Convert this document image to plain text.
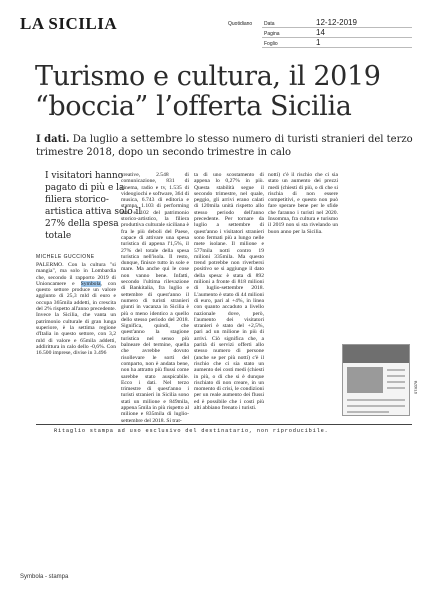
LA SICILIA	Quotidiano Data	12-12-2019
Pagina	14
Foglio	1
Turismo e cultura, il 2019
“boccia” l’offerta Sicilia
I dati. Da luglio a settembre lo stesso numero di turisti stranieri del terzo trimestre 2018, dopo un secondo trimestre in calo
I visitatori hanno pagato di più e la filiera storico-artistica attiva solo il 27% della spesa totale
MICHELE GUCCIONE
PALERMO. Con la cultura "si mangia", ma solo in Lombardia che, secondo il rapporto 2019 di Unioncamere e Symbola, con questo settore produce un valore aggiunto di 25,3 mld di euro e occupa 365mila addetti, in crescita del 2% rispetto all'anno precedente. Invece la Sicilia, che vanta un patrimonio culturale di gran lunga superiore, è la settima regione d'Italia in questo settore, con 3,2 mld di valore e 65mila addetti, addirittura in calo dello -0,6%. Con 16.500 imprese, divise in 3.496
creative, 2.548 di comunicazione, 831 di cinema, radio e tv, 1.535 di videogiochi e software, 364 di musica, 6.743 di editoria e stampa, 1.103 di performing arts e 102 del patrimonio storico-artistico, la filiera produttiva culturale siciliana è fra le più deboli del Paese, capace di attivare una spesa turistica di appena l'1,5%, il 27% del totale della spesa turistica nell'isola. Il resto, dunque, finisce tutto in sole e mare. Ma anche qui le cose non vanno bene. Infatti, secondo l'ultima rilevazione di Bankitalia, fra luglio e settembre di quest'anno il numero di turisti stranieri giunti in vacanza in Sicilia è più o meno identico a quello dello stesso periodo del 2018. Significa, quindi, che quest'anno la stagione turistica nel senso più balneare del termine, quella che avrebbe dovuto risollevare le sorti del comparto, non è andata bene, non ha attratto più flussi come sarebbe stato auspicabile. Ecco i dati. Nel terzo trimestre di quest'anno i turisti stranieri in Sicilia sono stati un milione e 849mila, appena 5mila in più rispetto al milione e 835mila di luglio-settembre del 2018. Si trat-
ta di uno scostamento di appena lo 0,27% in più. Questa stabilità segue il secondo trimestre, nel quale, peggio, gli arrivi erano calati di 120mila unità rispetto allo stesso periodo dell'anno precedente. Per tornare da luglio a settembre di quest'anno i visitatori stranieri sono fermati più a lungo nelle mete isolane. Il milione e 577mila notti contro 19 milioni 335mila. Ma questo trend potrebbe non riverbersi positivo se si aggiunge il dato della spesa: è stata di 892 milioni a fronte di 818 milioni di luglio-settembre 2018. L'aumento è stato di 44 milioni di euro, pari al +4%, in linea con quanto accaduto a livello nazionale dove, però, l'aumento dei visitatori stranieri è stato del +2,5%, pari ad un milione in più di arrivi. Ciò significa che, a parità di servizi offerti allo stesso numero di persone (anche se per più notti) c'è il rischio che ci sia stato un aumento dei costi medi (chiesti in più, o di che si è dunque rischiato di non creare, in un momento di crisi, le condizioni per un reale aumento dei flussi ed è possibile che i costi più alti abbiano frenato i turisti.
notti) c'è il rischio che ci sia stato un aumento dei prezzi medi (chiesti di più, o di che si rischia di non essere competitivi, e questo non può fare sperare bene per le sfide che faranno i turisti nel 2020. Insomma, fra cultura e turismo il 2019 non si sta rivelando un buon anno per la Sicilia.
074078
Ritaglio stampa ad uso esclusivo del destinatario, non riproducibile.
Symbola - stampa
